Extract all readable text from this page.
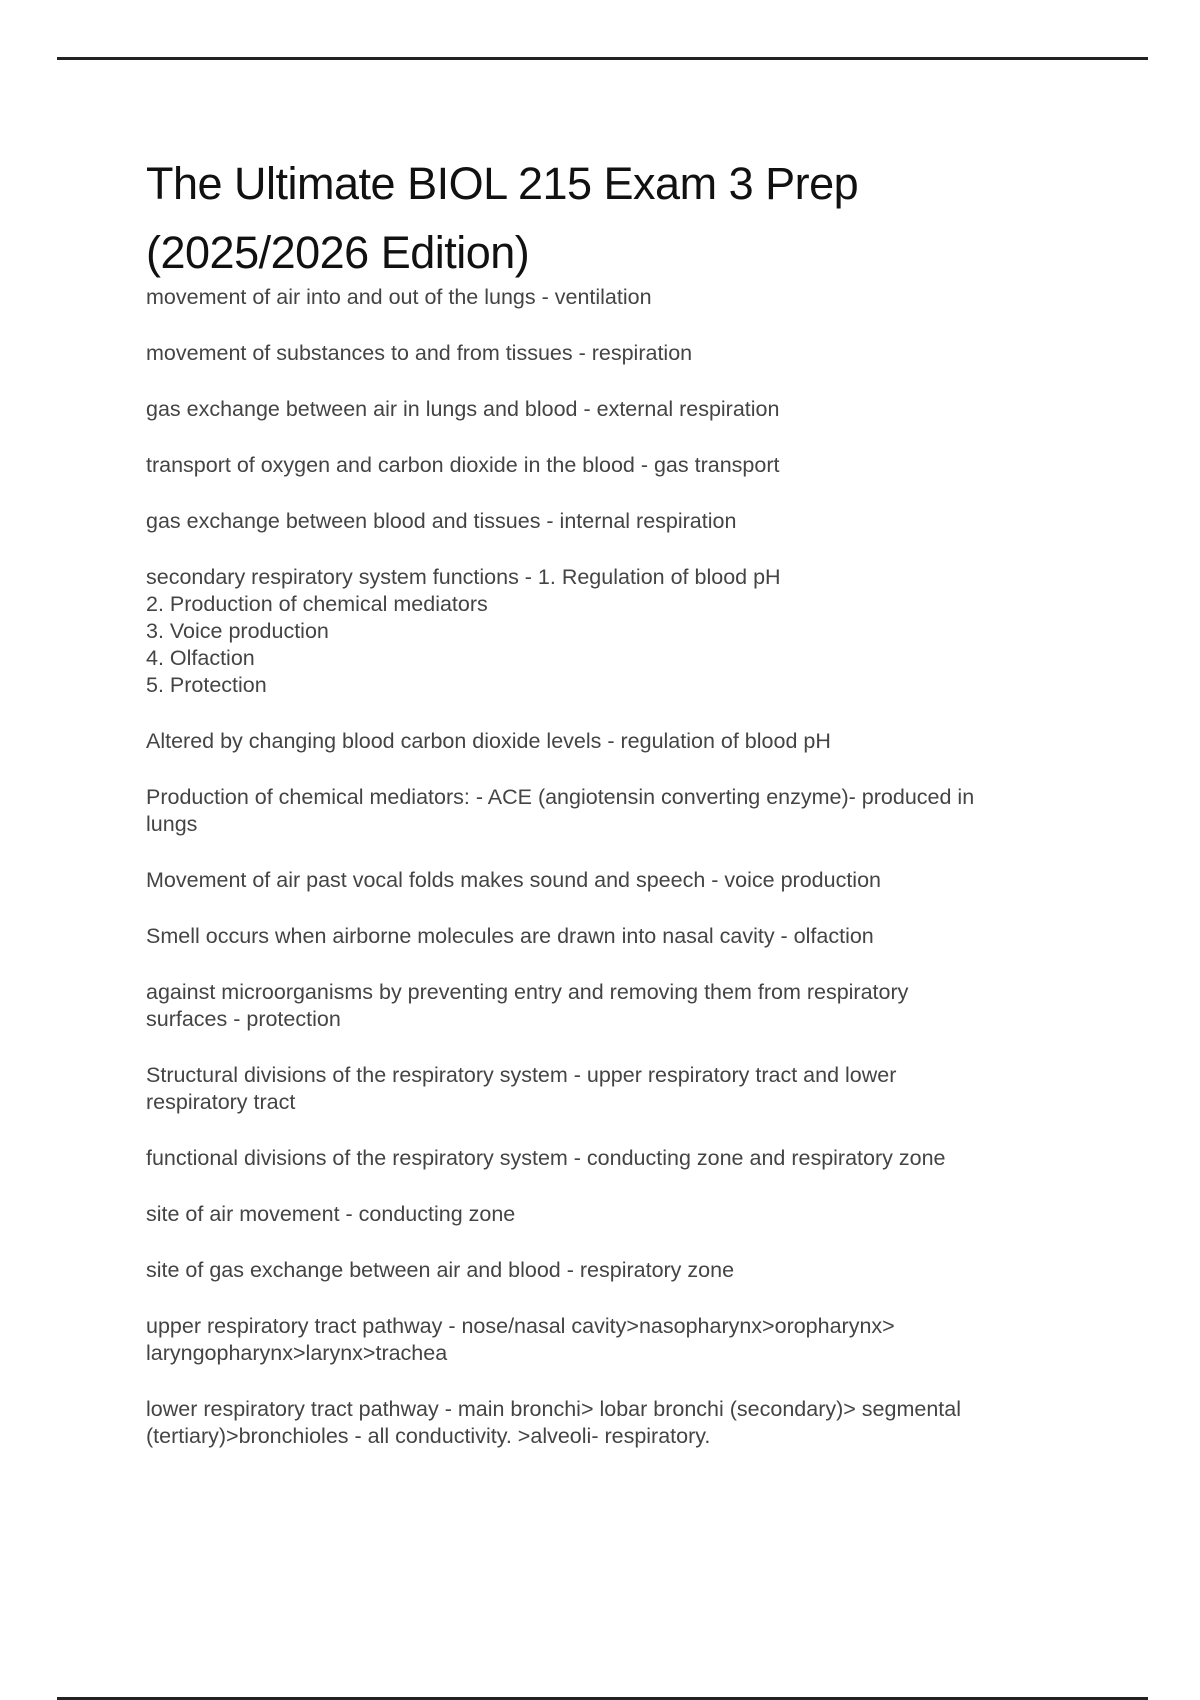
The Ultimate BIOL 215 Exam 3 Prep
(2025/2026 Edition)
movement of air into and out of the lungs - ventilation
movement of substances to and from tissues - respiration
gas exchange between air in lungs and blood - external respiration
transport of oxygen and carbon dioxide in the blood - gas transport
gas exchange between blood and tissues - internal respiration
secondary respiratory system functions - 1. Regulation of blood pH
2. Production of chemical mediators
3. Voice production
4. Olfaction
5. Protection
Altered by changing blood carbon dioxide levels - regulation of blood pH
Production of chemical mediators: - ACE (angiotensin converting enzyme)- produced in
lungs
Movement of air past vocal folds makes sound and speech - voice production
Smell occurs when airborne molecules are drawn into nasal cavity - olfaction
against microorganisms by preventing entry and removing them from respiratory
surfaces - protection
Structural divisions of the respiratory system - upper respiratory tract and lower
respiratory tract
functional divisions of the respiratory system - conducting zone and respiratory zone
site of air movement - conducting zone
site of gas exchange between air and blood - respiratory zone
upper respiratory tract pathway - nose/nasal cavity>nasopharynx>oropharynx>
laryngopharynx>larynx>trachea
lower respiratory tract pathway - main bronchi> lobar bronchi (secondary)> segmental
(tertiary)>bronchioles - all conductivity. >alveoli- respiratory.
